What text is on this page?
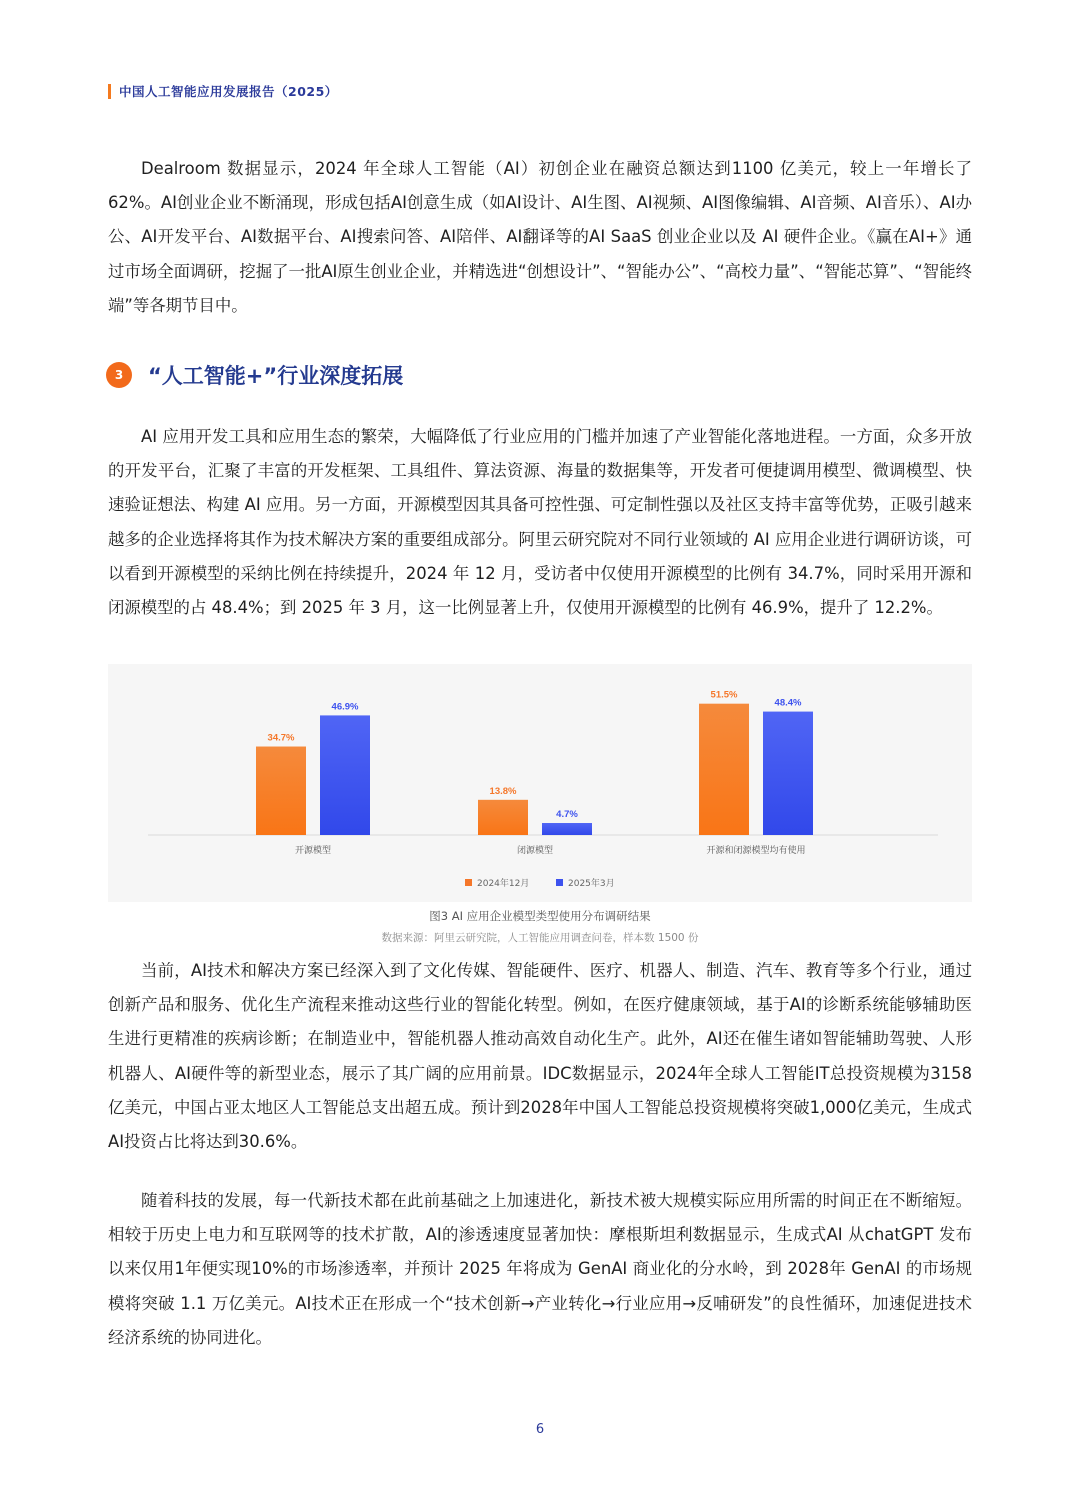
中国人工智能应用发展报告（2025）

Dealroom 数据显示，2024 年全球人工智能（AI）初创企业在融资总额达到1100 亿美元，较上一年增长了62%。AI创业企业不断涌现，形成包括AI创意生成（如AI设计、AI生图、AI视频、AI图像编辑、AI音频、AI音乐）、AI办公、AI开发平台、AI数据平台、AI搜索问答、AI陪伴、AI翻译等的AI SaaS 创业企业以及 AI 硬件企业。《赢在AI+》通过市场全面调研，挖掘了一批AI原生创业企业，并精选进“创想设计”、“智能办公”、“高校力量”、“智能芯算”、“智能终端”等各期节目中。

3	“人工智能+”行业深度拓展

AI 应用开发工具和应用生态的繁荣，大幅降低了行业应用的门槛并加速了产业智能化落地进程。一方面，众多开放的开发平台，汇聚了丰富的开发框架、工具组件、算法资源、海量的数据集等，开发者可便捷调用模型、微调模型、快速验证想法、构建 AI 应用。另一方面，开源模型因其具备可控性强、可定制性强以及社区支持丰富等优势，正吸引越来越多的企业选择将其作为技术解决方案的重要组成部分。阿里云研究院对不同行业领域的 AI 应用企业进行调研访谈，可以看到开源模型的采纳比例在持续提升，2024 年 12 月，受访者中仅使用开源模型的比例有 34.7%，同时采用开源和闭源模型的占 48.4%；到 2025 年 3 月，这一比例显著上升，仅使用开源模型的比例有 46.9%，提升了 12.2%。

34.7%
46.9%
开源模型
13.8%
4.7%
闭源模型
51.5%
48.4%
开源和闭源模型均有使用
2024年12月	2025年3月

图3 AI 应用企业模型类型使用分布调研结果

数据来源：阿里云研究院，人工智能应用调查问卷，样本数 1500 份

当前，AI技术和解决方案已经深入到了文化传媒、智能硬件、医疗、机器人、制造、汽车、教育等多个行业，通过创新产品和服务、优化生产流程来推动这些行业的智能化转型。例如，在医疗健康领域，基于AI的诊断系统能够辅助医生进行更精准的疾病诊断；在制造业中，智能机器人推动高效自动化生产。此外，AI还在催生诸如智能辅助驾驶、人形机器人、AI硬件等的新型业态，展示了其广阔的应用前景。IDC数据显示，2024年全球人工智能IT总投资规模为3158亿美元，中国占亚太地区人工智能总支出超五成。预计到2028年中国人工智能总投资规模将突破1,000亿美元，生成式AI投资占比将达到30.6%。

随着科技的发展，每一代新技术都在此前基础之上加速进化，新技术被大规模实际应用所需的时间正在不断缩短。相较于历史上电力和互联网等的技术扩散，AI的渗透速度显著加快：摩根斯坦利数据显示，生成式AI 从chatGPT 发布以来仅用1年便实现10%的市场渗透率，并预计 2025 年将成为 GenAI 商业化的分水岭，到 2028年 GenAI 的市场规模将突破 1.1 万亿美元。AI技术正在形成一个“技术创新→产业转化→行业应用→反哺研发”的良性循环，加速促进技术经济系统的协同进化。

6
